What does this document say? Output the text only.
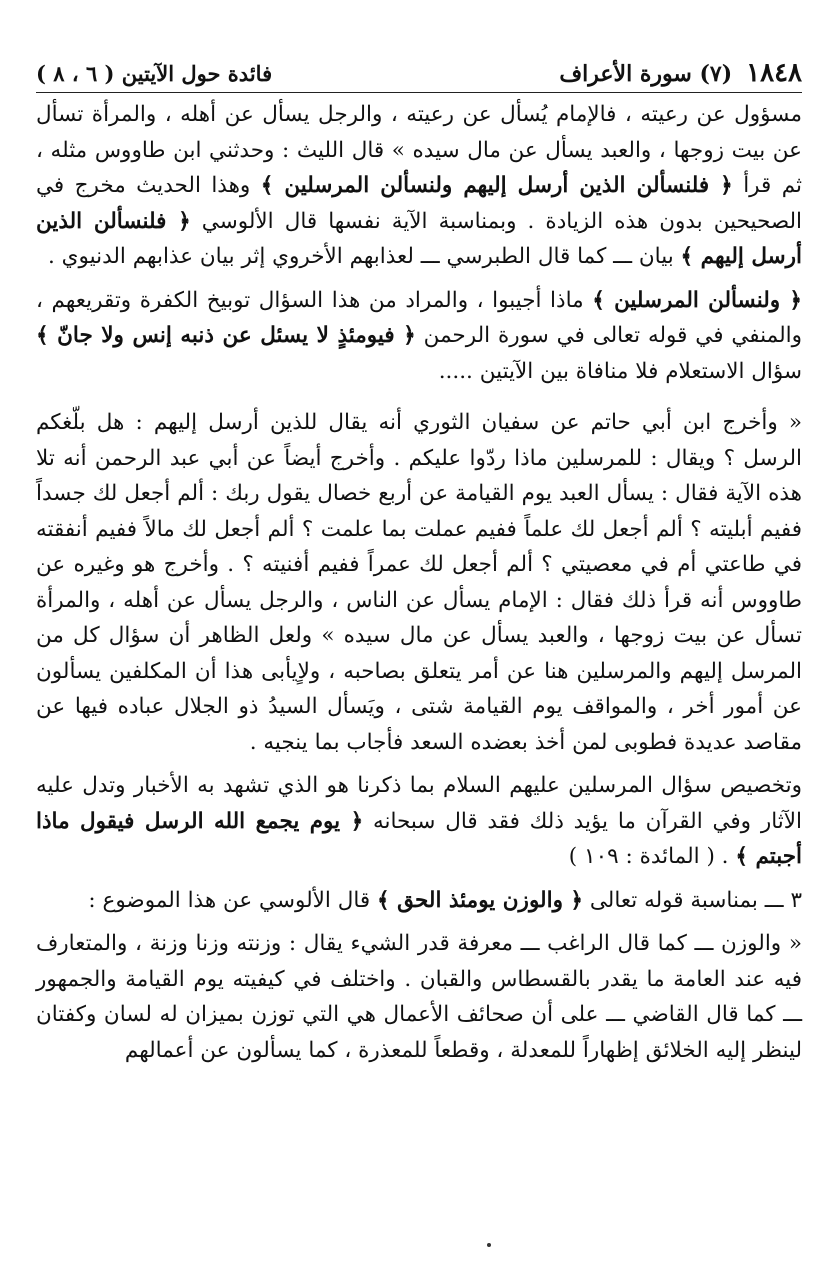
١٨٤٨
(٧) سورة الأعراف
فائدة حول الآيتين ( ٦ ، ٨ )

مسؤول عن رعيته ، فالإمام يُسأل عن رعيته ، والرجل يسأل عن أهله ، والمرأة تسأل عن بيت زوجها ، والعبد يسأل عن مال سيده » قال الليث : وحدثني ابن طاووس مثله ، ثم قرأ ﴿ فلنسألن الذين أرسل إليهم ولنسألن المرسلين ﴾ وهذا الحديث مخرج في الصحيحين بدون هذه الزيادة . وبمناسبة الآية نفسها قال الألوسي ﴿ فلنسألن الذين أرسل إليهم ﴾ بيان ـــ كما قال الطبرسي ـــ لعذابهم الأخروي إثر بيان عذابهم الدنيوي .

﴿ ولنسألن المرسلين ﴾ ماذا أجيبوا ، والمراد من هذا السؤال توبيخ الكفرة وتقريعهم ، والمنفي في قوله تعالى في سورة الرحمن ﴿ فيومئذٍ لا يسئل عن ذنبه إنس ولا جانّ ﴾ سؤال الاستعلام فلا منافاة بين الآيتين .....

« وأخرج ابن أبي حاتم عن سفيان الثوري أنه يقال للذين أرسل إليهم : هل بلّغكم الرسل ؟ ويقال : للمرسلين ماذا ردّوا عليكم . وأخرج أيضاً عن أبي عبد الرحمن أنه تلا هذه الآية فقال : يسأل العبد يوم القيامة عن أربع خصال يقول ربك : ألم أجعل لك جسداً ففيم أبليته ؟ ألم أجعل لك علماً ففيم عملت بما علمت ؟ ألم أجعل لك مالاً ففيم أنفقته في طاعتي أم في معصيتي ؟ ألم أجعل لك عمراً ففيم أفنيته ؟ . وأخرج هو وغيره عن طاووس أنه قرأ ذلك فقال : الإمام يسأل عن الناس ، والرجل يسأل عن أهله ، والمرأة تسأل عن بيت زوجها ، والعبد يسأل عن مال سيده » ولعل الظاهر أن سؤال كل من المرسل إليهم والمرسلين هنا عن أمر يتعلق بصاحبه ، ولاٍيأبى هذا أن المكلفين يسألون عن أمور أخر ، والمواقف يوم القيامة شتى ، ويَسأل السيدُ ذو الجلال عباده فيها عن مقاصد عديدة فطوبى لمن أخذ بعضده السعد فأجاب بما ينجيه .

وتخصيص سؤال المرسلين عليهم السلام بما ذكرنا هو الذي تشهد به الأخبار وتدل عليه الآثار وفي القرآن ما يؤيد ذلك فقد قال سبحانه ﴿ يوم يجمع الله الرسل فيقول ماذا أجبتم ﴾ . ( المائدة : ١٠٩ )

٣ ـــ بمناسبة قوله تعالى ﴿ والوزن يومئذ الحق ﴾ قال الألوسي عن هذا الموضوع :

« والوزن ـــ كما قال الراغب ـــ معرفة قدر الشيء يقال : وزنته وزنا وزنة ، والمتعارف فيه عند العامة ما يقدر بالقسطاس والقبان . واختلف في كيفيته يوم القيامة والجمهور ـــ كما قال القاضي ـــ على أن صحائف الأعمال هي التي توزن بميزان له لسان وكفتان لينظر إليه الخلائق إظهاراً للمعدلة ، وقطعاً للمعذرة ، كما يسألون عن أعمالهم
